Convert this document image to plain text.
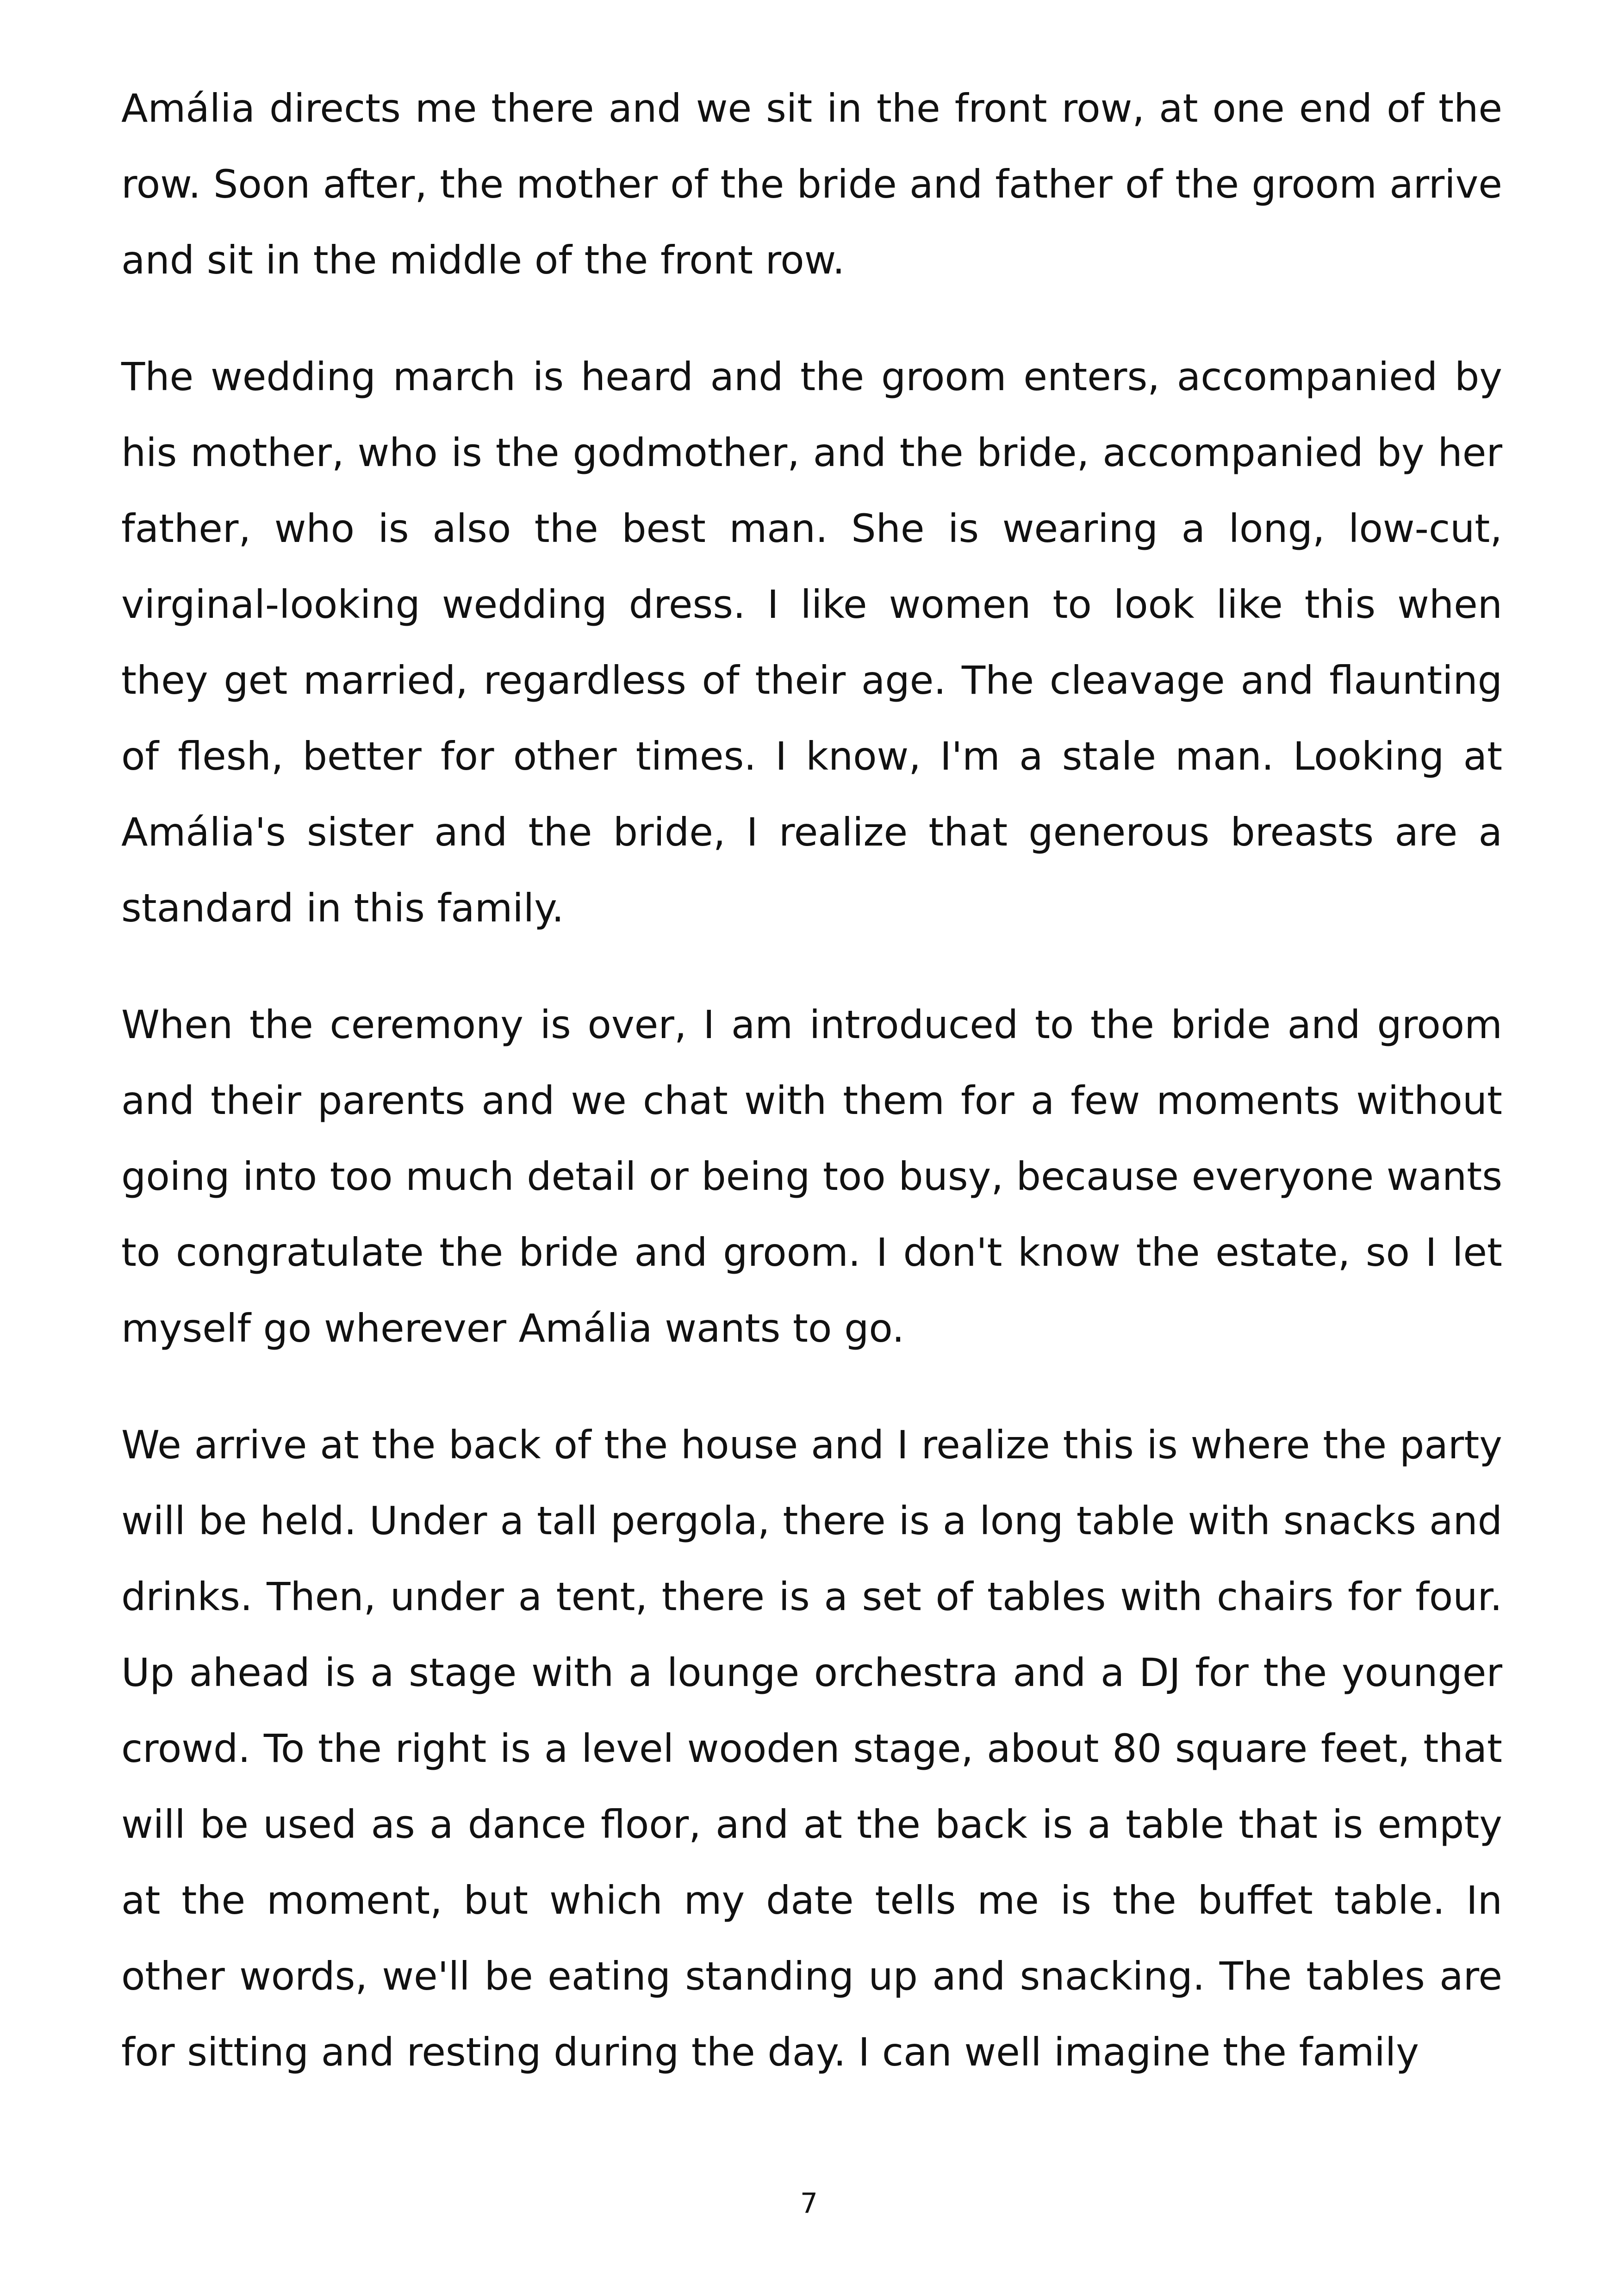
Amália directs me there and we sit in the front row, at one end of the row. Soon after, the mother of the bride and father of the groom arrive and sit in the middle of the front row.

The wedding march is heard and the groom enters, accompanied by his mother, who is the godmother, and the bride, accompanied by her father, who is also the best man. She is wearing a long, low-cut, virginal-looking wedding dress. I like women to look like this when they get married, regardless of their age. The cleavage and flaunting of flesh, better for other times. I know, I'm a stale man. Looking at Amália's sister and the bride, I realize that generous breasts are a standard in this family.

When the ceremony is over, I am introduced to the bride and groom and their parents and we chat with them for a few moments without going into too much detail or being too busy, because everyone wants to congratulate the bride and groom. I don't know the estate, so I let myself go wherever Amália wants to go.

We arrive at the back of the house and I realize this is where the party will be held. Under a tall pergola, there is a long table with snacks and drinks. Then, under a tent, there is a set of tables with chairs for four. Up ahead is a stage with a lounge orchestra and a DJ for the younger crowd. To the right is a level wooden stage, about 80 square feet, that will be used as a dance floor, and at the back is a table that is empty at the moment, but which my date tells me is the buffet table. In other words, we'll be eating standing up and snacking. The tables are for sitting and resting during the day. I can well imagine the family

7
